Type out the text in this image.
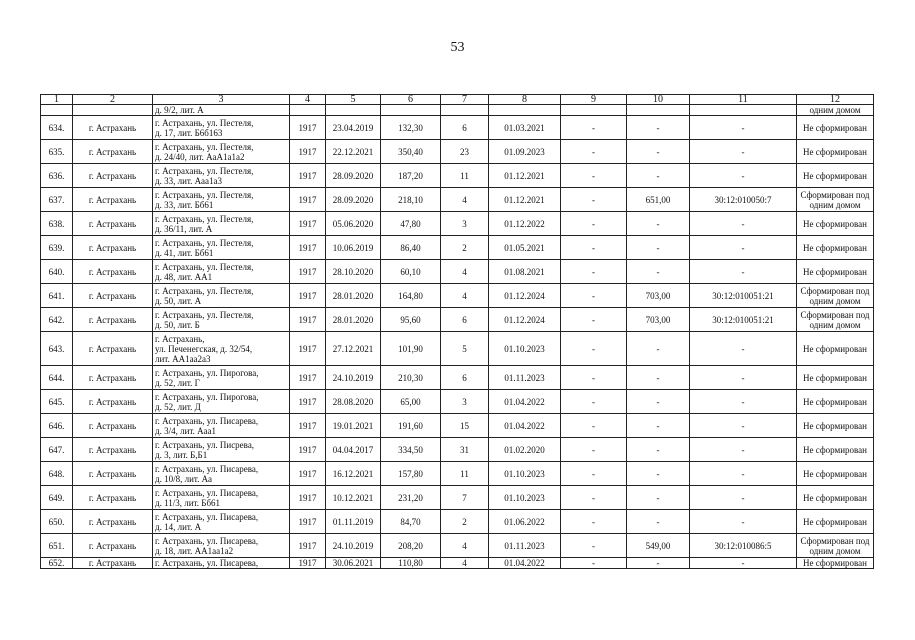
53
1	2	3	4	5	6	7	8	9	10	11	12
		д. 9/2, лит. А									одним домом
634.	г. Астрахань	г. Астрахань, ул. Пестеля,
д. 17, лит. Б6б163	1917	23.04.2019	132,30	6	01.03.2021	-	-	-	Не сформирован
635.	г. Астрахань	г. Астрахань, ул. Пестеля,
д. 24/40, лит. АаА1а1а2	1917	22.12.2021	350,40	23	01.09.2023	-	-	-	Не сформирован
636.	г. Астрахань	г. Астрахань, ул. Пестеля,
д. 33, лит. Ааа1а3	1917	28.09.2020	187,20	11	01.12.2021	-	-	-	Не сформирован
637.	г. Астрахань	г. Астрахань, ул. Пестеля,
д. 33, лит. Бб61	1917	28.09.2020	218,10	4	01.12.2021	-	651,00	30:12:010050:7	Сформирован под одним домом
638.	г. Астрахань	г. Астрахань, ул. Пестеля,
д. 36/11, лит. А	1917	05.06.2020	47,80	3	01.12.2022	-	-	-	Не сформирован
639.	г. Астрахань	г. Астрахань, ул. Пестеля,
д. 41, лит. Бб61	1917	10.06.2019	86,40	2	01.05.2021	-	-	-	Не сформирован
640.	г. Астрахань	г. Астрахань, ул. Пестеля,
д. 48, лит. АА1	1917	28.10.2020	60,10	4	01.08.2021	-	-	-	Не сформирован
641.	г. Астрахань	г. Астрахань, ул. Пестеля,
д. 50, лит. А	1917	28.01.2020	164,80	4	01.12.2024	-	703,00	30:12:010051:21	Сформирован под одним домом
642.	г. Астрахань	г. Астрахань, ул. Пестеля,
д. 50, лит. Б	1917	28.01.2020	95,60	6	01.12.2024	-	703,00	30:12:010051:21	Сформирован под одним домом
643.	г. Астрахань	г. Астрахань,
ул. Печенегская, д. 32/54,
лит. АА1аа2а3	1917	27.12.2021	101,90	5	01.10.2023	-	-	-	Не сформирован
644.	г. Астрахань	г. Астрахань, ул. Пирогова,
д. 52, лит. Г	1917	24.10.2019	210,30	6	01.11.2023	-	-	-	Не сформирован
645.	г. Астрахань	г. Астрахань, ул. Пирогова,
д. 52, лит. Д	1917	28.08.2020	65,00	3	01.04.2022	-	-	-	Не сформирован
646.	г. Астрахань	г. Астрахань, ул. Писарева,
д. 3/4, лит. Ааа1	1917	19.01.2021	191,60	15	01.04.2022	-	-	-	Не сформирован
647.	г. Астрахань	г. Астрахань, ул. Писрева,
д. 3, лит. Б,Б1	1917	04.04.2017	334,50	31	01.02.2020	-	-	-	Не сформирован
648.	г. Астрахань	г. Астрахань, ул. Писарева,
д. 10/8, лит. Аа	1917	16.12.2021	157,80	11	01.10.2023	-	-	-	Не сформирован
649.	г. Астрахань	г. Астрахань, ул. Писарева,
д. 11/3, лит. Бб61	1917	10.12.2021	231,20	7	01.10.2023	-	-	-	Не сформирован
650.	г. Астрахань	г. Астрахань, ул. Писарева,
д. 14, лит. А	1917	01.11.2019	84,70	2	01.06.2022	-	-	-	Не сформирован
651.	г. Астрахань	г. Астрахань, ул. Писарева,
д. 18, лит. АА1аа1а2	1917	24.10.2019	208,20	4	01.11.2023	-	549,00	30:12:010086:5	Сформирован под одним домом
652.	г. Астрахань	г. Астрахань, ул. Писарева,	1917	30.06.2021	110,80	4	01.04.2022	-	-	-	Не сформирован
